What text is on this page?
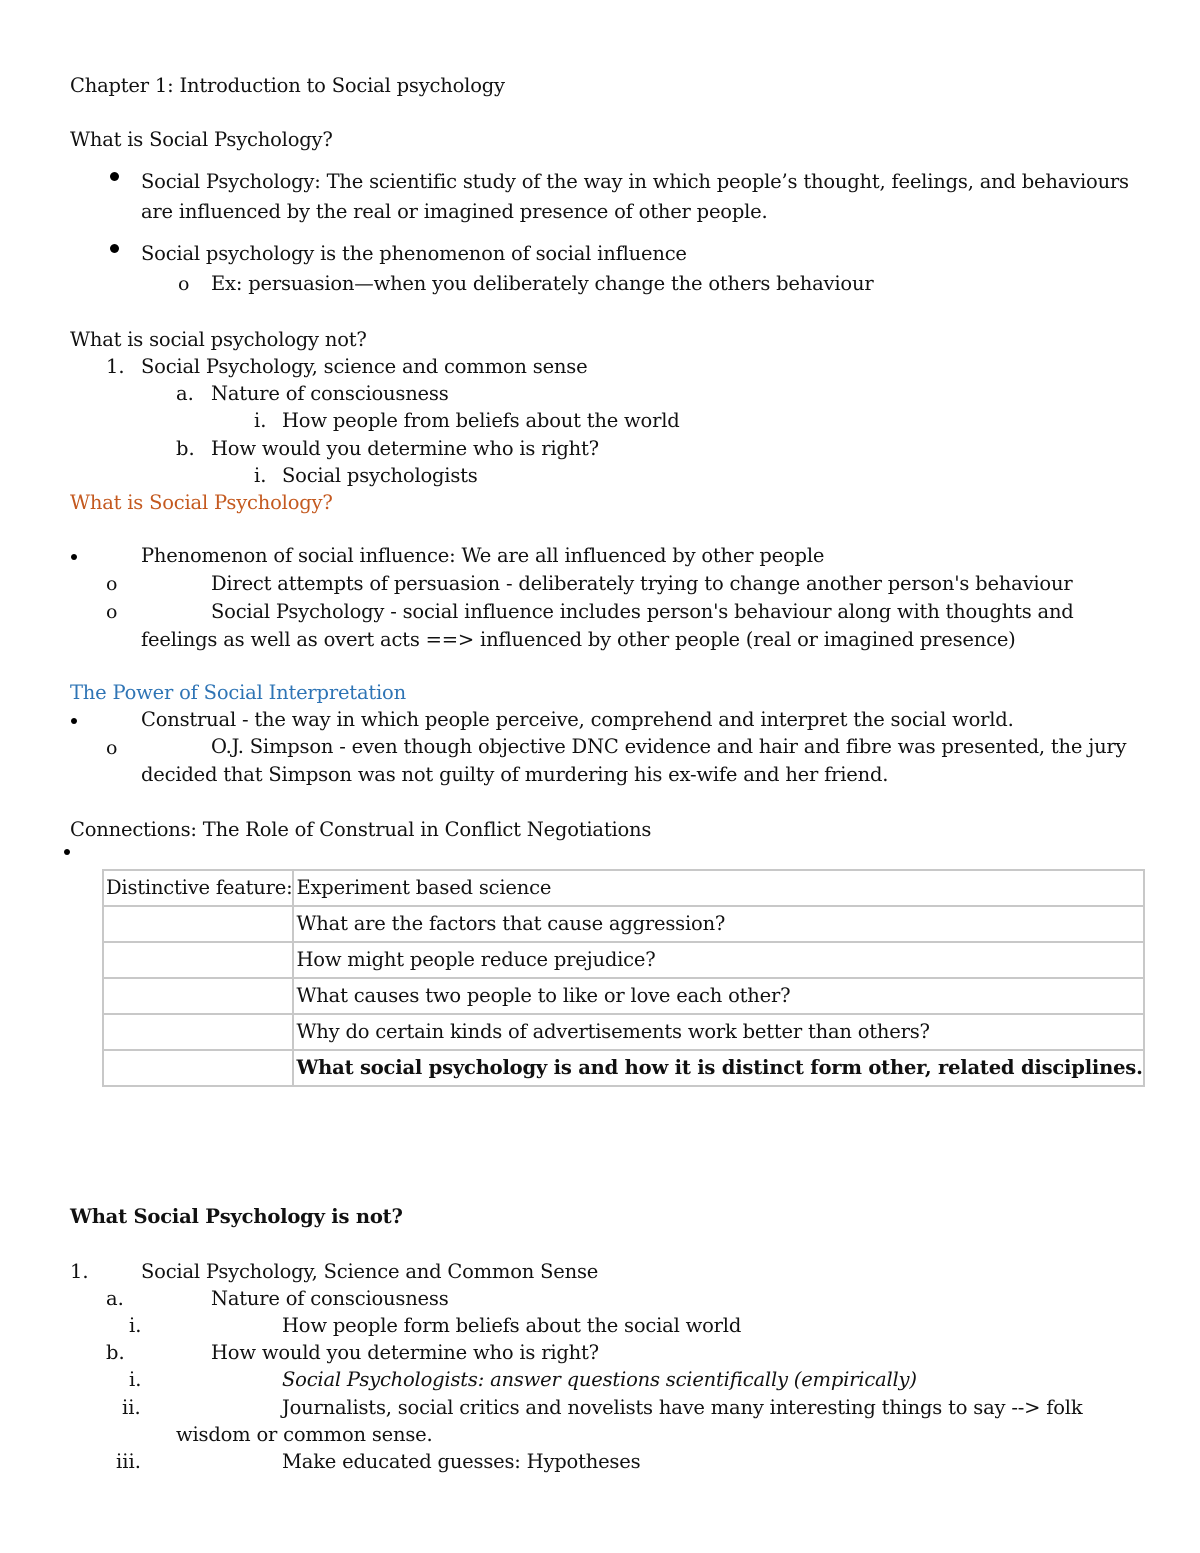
Chapter 1: Introduction to Social psychology
What is Social Psychology?
Social Psychology: The scientific study of the way in which people’s thought, feelings, and behaviours
are influenced by the real or imagined presence of other people.
Social psychology is the phenomenon of social influence
o Ex: persuasion—when you deliberately change the others behaviour
What is social psychology not?
1. Social Psychology, science and common sense
a. Nature of consciousness
i. How people from beliefs about the world
b. How would you determine who is right?
i. Social psychologists
What is Social Psychology?
Phenomenon of social influence: We are all influenced by other people
o	Direct attempts of persuasion - deliberately trying to change another person's behaviour
o	Social Psychology - social influence includes person's behaviour along with thoughts and
feelings as well as overt acts ==> influenced by other people (real or imagined presence)
The Power of Social Interpretation
Construal - the way in which people perceive, comprehend and interpret the social world.
o	O.J. Simpson - even though objective DNC evidence and hair and fibre was presented, the jury
decided that Simpson was not guilty of murdering his ex-wife and her friend.
Connections: The Role of Construal in Conflict Negotiations
Distinctive feature:	Experiment based science
	What are the factors that cause aggression?
	How might people reduce prejudice?
	What causes two people to like or love each other?
	Why do certain kinds of advertisements work better than others?
	What social psychology is and how it is distinct form other, related disciplines.
What Social Psychology is not?
1.	Social Psychology, Science and Common Sense
a.	Nature of consciousness
i.	How people form beliefs about the social world
b.	How would you determine who is right?
i.	Social Psychologists: answer questions scientifically (empirically)
ii.	Journalists, social critics and novelists have many interesting things to say --> folk
wisdom or common sense.
iii.	Make educated guesses: Hypotheses
